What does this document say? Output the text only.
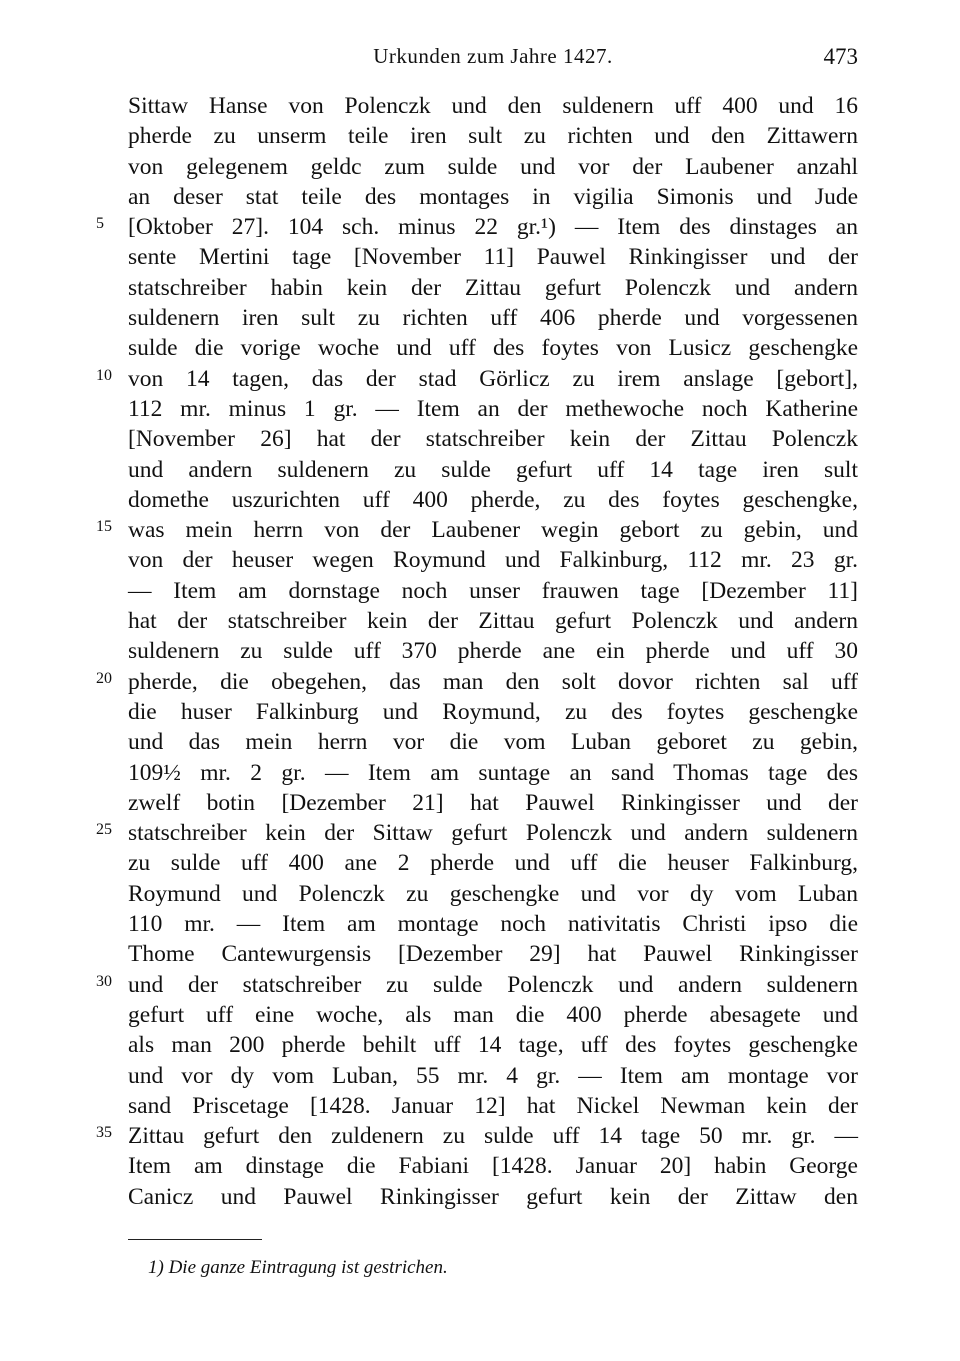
Urkunden zum Jahre 1427.	473
Sittaw Hanse von Polenczk und den suldenern uff 400 und 16
pherde zu unserm teile iren sult zu richten und den Zittawern
von gelegenem geldc zum sulde und vor der Laubener anzahl
an deser stat teile des montages in vigilia Simonis und Jude
5	[Oktober 27]. 104 sch. minus 22 gr.¹) — Item des dinstages an
sente Mertini tage [November 11] Pauwel Rinkingisser und der
statschreiber habin kein der Zittau gefurt Polenczk und andern
suldenern iren sult zu richten uff 406 pherde und vorgessenen
sulde die vorige woche und uff des foytes von Lusicz geschengke
10 von 14 tagen, das der stad Görlicz zu irem anslage [gebort],
112 mr. minus 1 gr. — Item an der methewoche noch Katherine
[November 26] hat der statschreiber kein der Zittau Polenczk
und andern suldenern zu sulde gefurt uff 14 tage iren sult
domethe uszurichten uff 400 pherde, zu des foytes geschengke,
15 was mein herrn von der Laubener wegin gebort zu gebin, und
von der heuser wegen Roymund und Falkinburg, 112 mr. 23 gr.
— Item am dornstage noch unser frauwen tage [Dezember 11]
hat der statschreiber kein der Zittau gefurt Polenczk und andern
suldenern zu sulde uff 370 pherde ane ein pherde und uff 30
20 pherde, die obegehen, das man den solt dovor richten sal uff
die huser Falkinburg und Roymund, zu des foytes geschengke
und das mein herrn vor die vom Luban geboret zu gebin,
109½ mr. 2 gr. — Item am suntage an sand Thomas tage des
zwelf botin [Dezember 21] hat Pauwel Rinkingisser und der
25 statschreiber kein der Sittaw gefurt Polenczk und andern suldenern
zu sulde uff 400 ane 2 pherde und uff die heuser Falkinburg,
Roymund und Polenczk zu geschengke und vor dy vom Luban
110 mr. — Item am montage noch nativitatis Christi ipso die
Thome Cantewurgensis [Dezember 29] hat Pauwel Rinkingisser
30 und der statschreiber zu sulde Polenczk und andern suldenern
gefurt uff eine woche, als man die 400 pherde abesagete und
als man 200 pherde behilt uff 14 tage, uff des foytes geschengke
und vor dy vom Luban, 55 mr. 4 gr. — Item am montage vor
sand Priscetage [1428. Januar 12] hat Nickel Newman kein der
35 Zittau gefurt den zuldenern zu sulde uff 14 tage 50 mr. gr. —
Item am dinstage die Fabiani [1428. Januar 20] habin George
Canicz und Pauwel Rinkingisser gefurt kein der Zittaw den
1) Die ganze Eintragung ist gestrichen.
